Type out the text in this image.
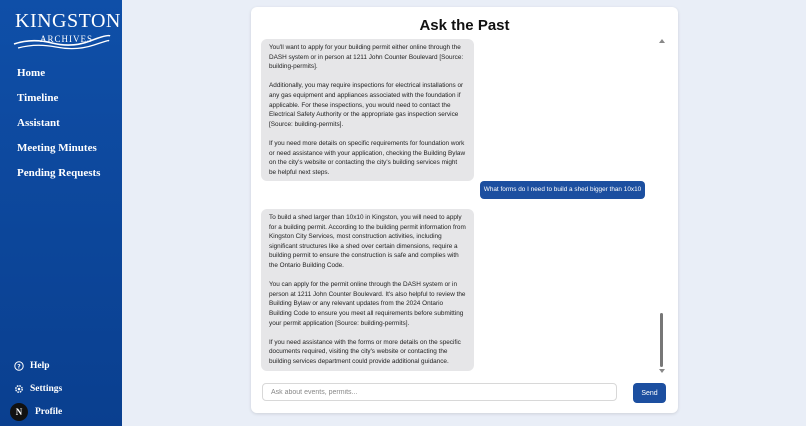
KINGSTON
ARCHIVES
Home
Timeline
Assistant
Meeting Minutes
Pending Requests
? Help
Settings
N	Profile
Ask the Past

You'll want to apply for your building permit either online through the DASH system or in person at 1211 John Counter Boulevard [Source: building-permits].

Additionally, you may require inspections for electrical installations or any gas equipment and appliances associated with the foundation if applicable. For these inspections, you would need to contact the Electrical Safety Authority or the appropriate gas inspection service [Source: building-permits].

If you need more details on specific requirements for foundation work or need assistance with your application, checking the Building Bylaw on the city's website or contacting the city's building services might be helpful next steps.

What forms do I need to build a shed bigger than 10x10

To build a shed larger than 10x10 in Kingston, you will need to apply for a building permit. According to the building permit information from Kingston City Services, most construction activities, including significant structures like a shed over certain dimensions, require a building permit to ensure the construction is safe and complies with the Ontario Building Code.

You can apply for the permit online through the DASH system or in person at 1211 John Counter Boulevard. It's also helpful to review the Building Bylaw or any relevant updates from the 2024 Ontario Building Code to ensure you meet all requirements before submitting your permit application [Source: building-permits].

If you need assistance with the forms or more details on the specific documents required, visiting the city's website or contacting the building services department could provide additional guidance.

Ask about events, permits...
Send
